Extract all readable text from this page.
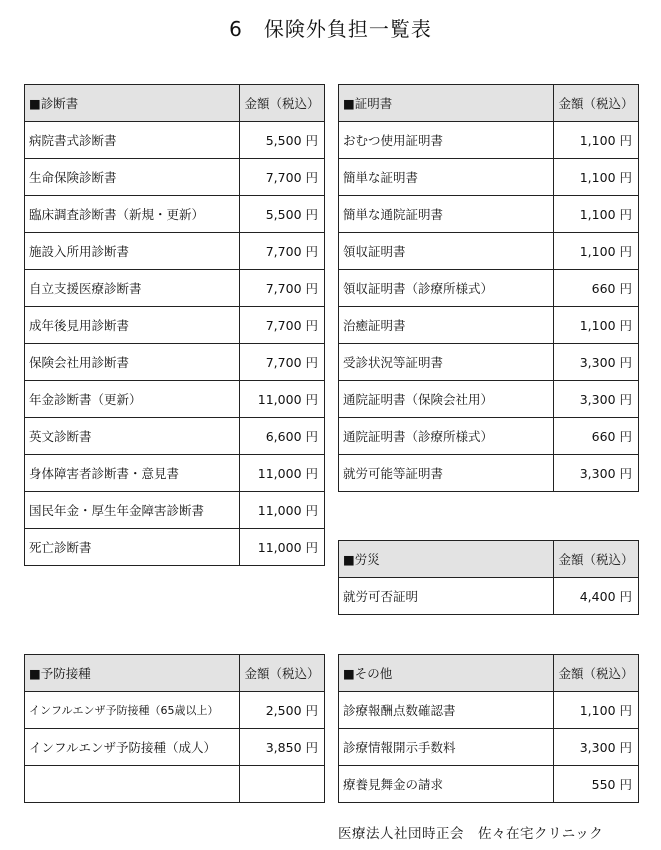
6　保険外負担一覧表
■診断書	金額（税込）
病院書式診断書	5,500 円
生命保険診断書	7,700 円
臨床調査診断書（新規・更新）	5,500 円
施設入所用診断書	7,700 円
自立支援医療診断書	7,700 円
成年後見用診断書	7,700 円
保険会社用診断書	7,700 円
年金診断書（更新）	11,000 円
英文診断書	6,600 円
身体障害者診断書・意見書	11,000 円
国民年金・厚生年金障害診断書	11,000 円
死亡診断書	11,000 円
■証明書	金額（税込）
おむつ使用証明書	1,100 円
簡単な証明書	1,100 円
簡単な通院証明書	1,100 円
領収証明書	1,100 円
領収証明書（診療所様式）	660 円
治癒証明書	1,100 円
受診状況等証明書	3,300 円
通院証明書（保険会社用）	3,300 円
通院証明書（診療所様式）	660 円
就労可能等証明書	3,300 円
■労災	金額（税込）
就労可否証明	4,400 円
■予防接種	金額（税込）
インフルエンザ予防接種（65歳以上）	2,500 円
インフルエンザ予防接種（成人）	3,850 円

■その他	金額（税込）
診療報酬点数確認書	1,100 円
診療情報開示手数料	3,300 円
療養見舞金の請求	550 円
医療法人社団時正会　佐々在宅クリニック
